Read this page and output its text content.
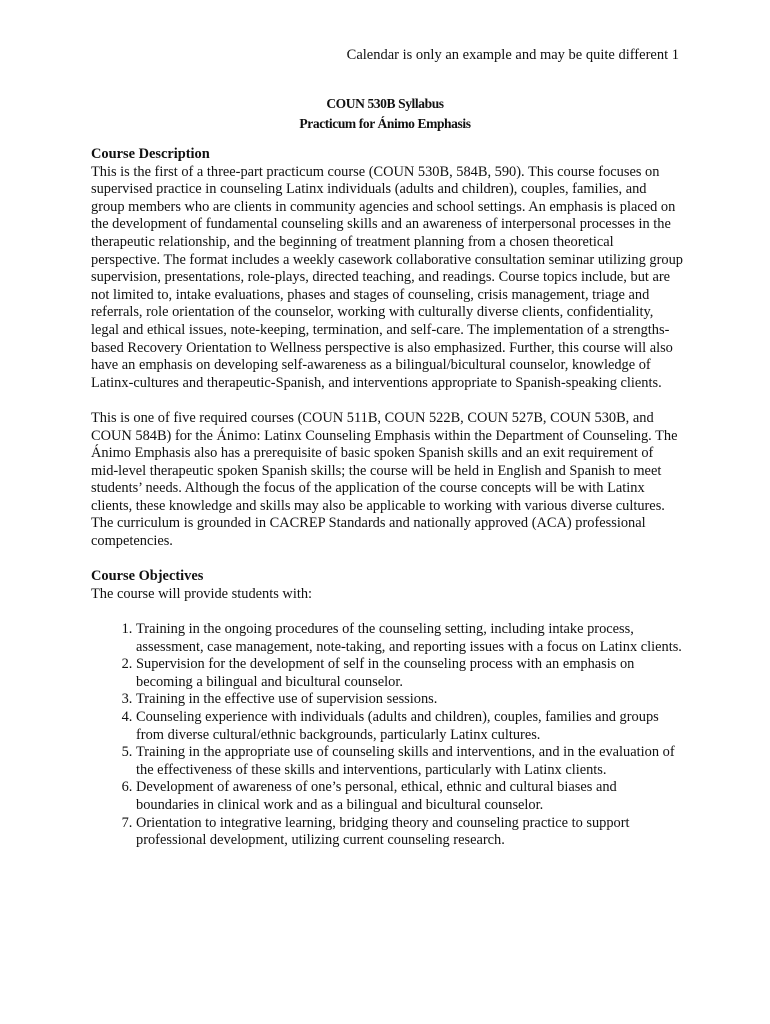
Calendar is only an example and may be quite different 1
COUN 530B Syllabus
Practicum for Ánimo Emphasis
Course Description

This is the first of a three-part practicum course (COUN 530B, 584B, 590). This course focuses on supervised practice in counseling Latinx individuals (adults and children), couples, families, and group members who are clients in community agencies and school settings. An emphasis is placed on the development of fundamental counseling skills and an awareness of interpersonal processes in the therapeutic relationship, and the beginning of treatment planning from a chosen theoretical perspective. The format includes a weekly casework collaborative consultation seminar utilizing group supervision, presentations, role-plays, directed teaching, and readings. Course topics include, but are not limited to, intake evaluations, phases and stages of counseling, crisis management, triage and referrals, role orientation of the counselor, working with culturally diverse clients, confidentiality, legal and ethical issues, note-keeping, termination, and self-care. The implementation of a strengths-based Recovery Orientation to Wellness perspective is also emphasized. Further, this course will also have an emphasis on developing self-awareness as a bilingual/bicultural counselor, knowledge of Latinx-cultures and therapeutic-Spanish, and interventions appropriate to Spanish-speaking clients.

This is one of five required courses (COUN 511B, COUN 522B, COUN 527B, COUN 530B, and COUN 584B) for the Ánimo: Latinx Counseling Emphasis within the Department of Counseling. The Ánimo Emphasis also has a prerequisite of basic spoken Spanish skills and an exit requirement of mid-level therapeutic spoken Spanish skills; the course will be held in English and Spanish to meet students’ needs. Although the focus of the application of the course concepts will be with Latinx clients, these knowledge and skills may also be applicable to working with various diverse cultures. The curriculum is grounded in CACREP Standards and nationally approved (ACA) professional competencies.

Course Objectives

The course will provide students with:

1. Training in the ongoing procedures of the counseling setting, including intake process, assessment, case management, note-taking, and reporting issues with a focus on Latinx clients.
2. Supervision for the development of self in the counseling process with an emphasis on becoming a bilingual and bicultural counselor.
3. Training in the effective use of supervision sessions.
4. Counseling experience with individuals (adults and children), couples, families and groups from diverse cultural/ethnic backgrounds, particularly Latinx cultures.
5. Training in the appropriate use of counseling skills and interventions, and in the evaluation of the effectiveness of these skills and interventions, particularly with Latinx clients.
6. Development of awareness of one’s personal, ethical, ethnic and cultural biases and boundaries in clinical work and as a bilingual and bicultural counselor.
7. Orientation to integrative learning, bridging theory and counseling practice to support professional development, utilizing current counseling research.
